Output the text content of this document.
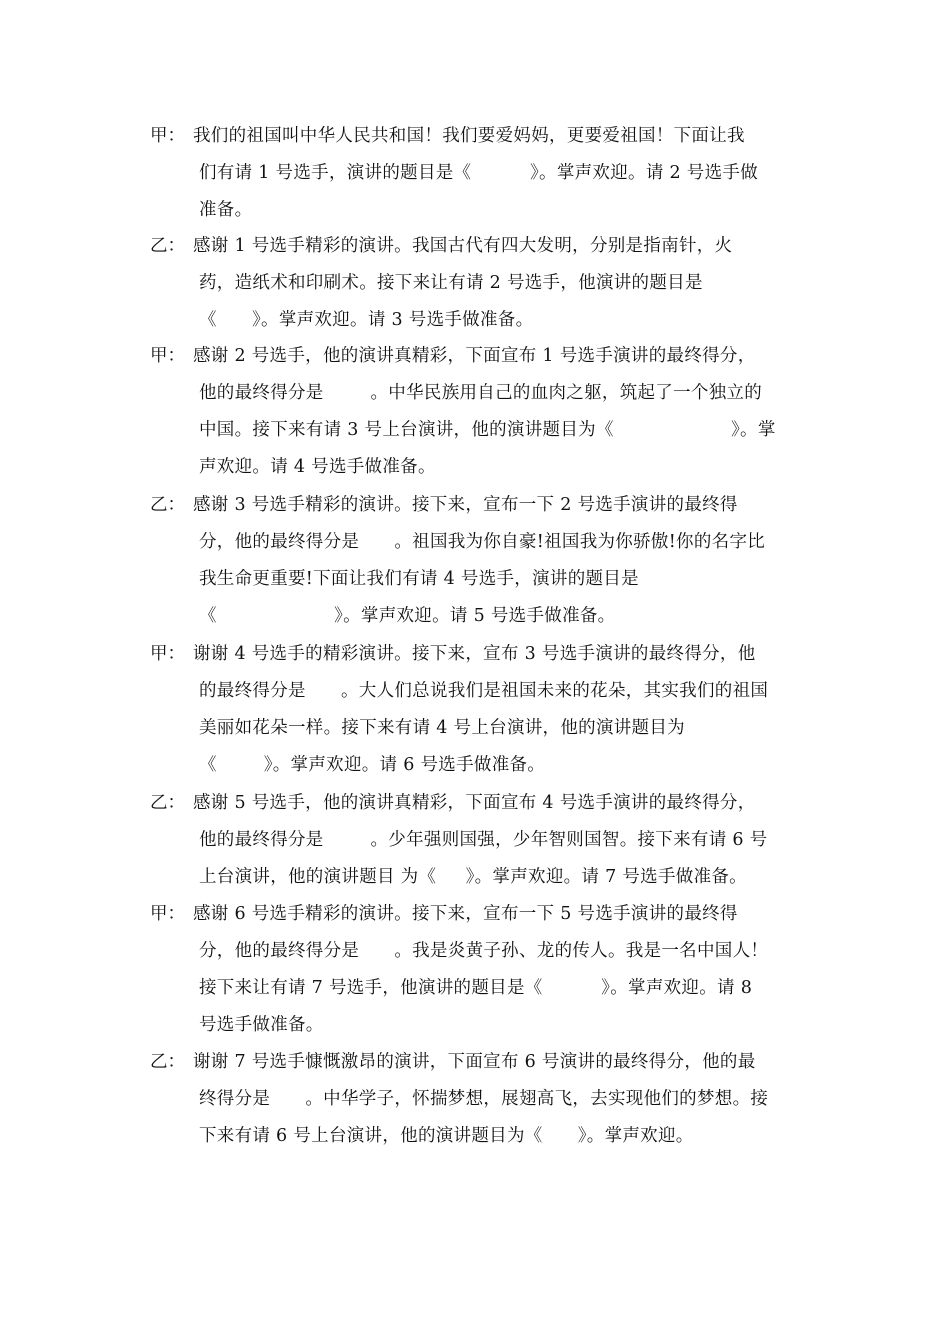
甲： 我们的祖国叫中华人民共和国！我们要爱妈妈，更要爱祖国！下面让我
们有请 1 号选手，演讲的题目是《          》。掌声欢迎。请 2 号选手做
准备。
乙： 感谢 1 号选手精彩的演讲。我国古代有四大发明，分别是指南针，火
药，造纸术和印刷术。接下来让有请 2 号选手，他演讲的题目是
《      》。掌声欢迎。请 3 号选手做准备。
甲： 感谢 2 号选手，他的演讲真精彩，下面宣布 1 号选手演讲的最终得分，
他的最终得分是        。中华民族用自己的血肉之躯，筑起了一个独立的
中国。接下来有请 3 号上台演讲，他的演讲题目为《                    》。掌
声欢迎。请 4 号选手做准备。
乙： 感谢 3 号选手精彩的演讲。接下来，宣布一下 2 号选手演讲的最终得
分，他的最终得分是      。祖国我为你自豪!祖国我为你骄傲!你的名字比
我生命更重要!下面让我们有请 4 号选手，演讲的题目是
《                    》。掌声欢迎。请 5 号选手做准备。
甲： 谢谢 4 号选手的精彩演讲。接下来，宣布 3 号选手演讲的最终得分，他
的最终得分是      。大人们总说我们是祖国未来的花朵，其实我们的祖国
美丽如花朵一样。接下来有请 4 号上台演讲，他的演讲题目为
《        》。掌声欢迎。请 6 号选手做准备。
乙： 感谢 5 号选手，他的演讲真精彩，下面宣布 4 号选手演讲的最终得分，
他的最终得分是        。少年强则国强，少年智则国智。接下来有请 6 号
上台演讲，他的演讲题目 为《     》。掌声欢迎。请 7 号选手做准备。
甲： 感谢 6 号选手精彩的演讲。接下来，宣布一下 5 号选手演讲的最终得
分，他的最终得分是      。我是炎黄子孙、龙的传人。我是一名中国人！
接下来让有请 7 号选手，他演讲的题目是《          》。掌声欢迎。请 8
号选手做准备。
乙： 谢谢 7 号选手慷慨激昂的演讲，下面宣布 6 号演讲的最终得分，他的最
终得分是      。中华学子，怀揣梦想，展翅高飞，去实现他们的梦想。接
下来有请 6 号上台演讲，他的演讲题目为《      》。掌声欢迎。
